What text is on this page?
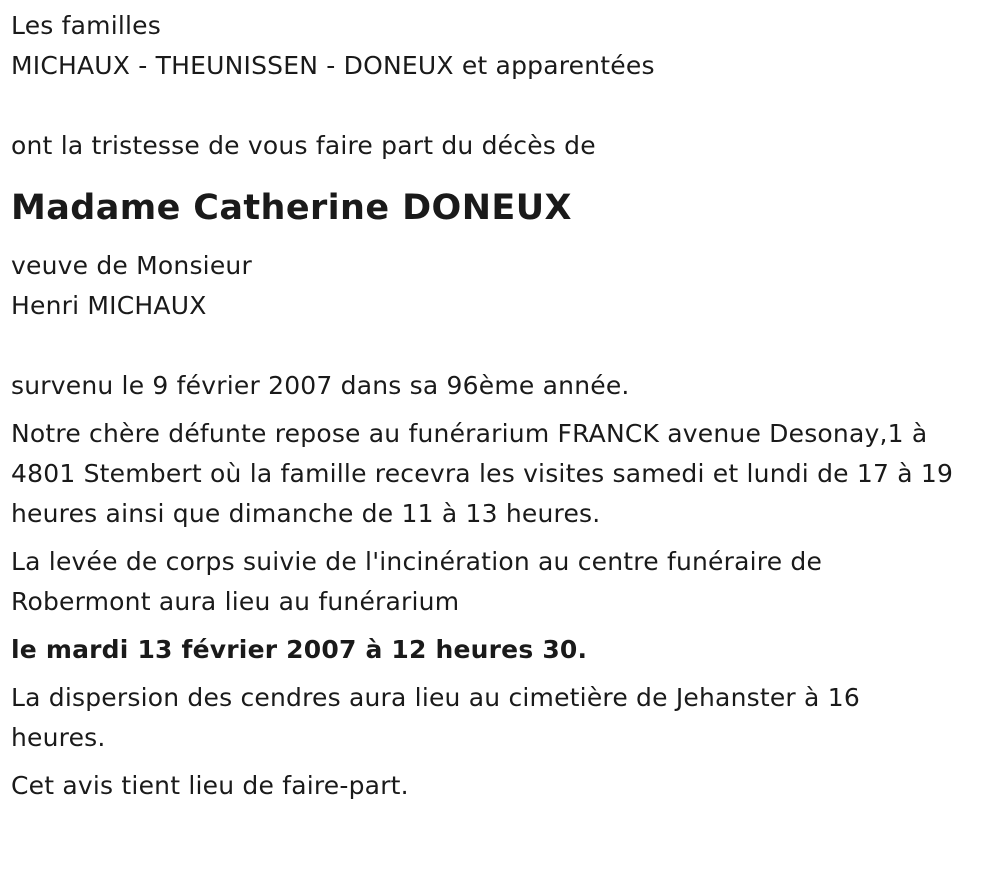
Les familles

MICHAUX - THEUNISSEN - DONEUX et apparentées

ont la tristesse de vous faire part du décès de

Madame Catherine DONEUX

veuve de Monsieur

Henri MICHAUX

survenu le 9 février 2007 dans sa 96ème année.

Notre chère défunte repose au funérarium FRANCK avenue Desonay,1 à

4801 Stembert où la famille recevra les visites samedi et lundi de 17 à 19

heures ainsi que dimanche de 11 à 13 heures.

La levée de corps suivie de l'incinération au centre funéraire de

Robermont aura lieu au funérarium

le mardi 13 février 2007 à 12 heures 30.

La dispersion des cendres aura lieu au cimetière de Jehanster à 16

heures.

Cet avis tient lieu de faire-part.
